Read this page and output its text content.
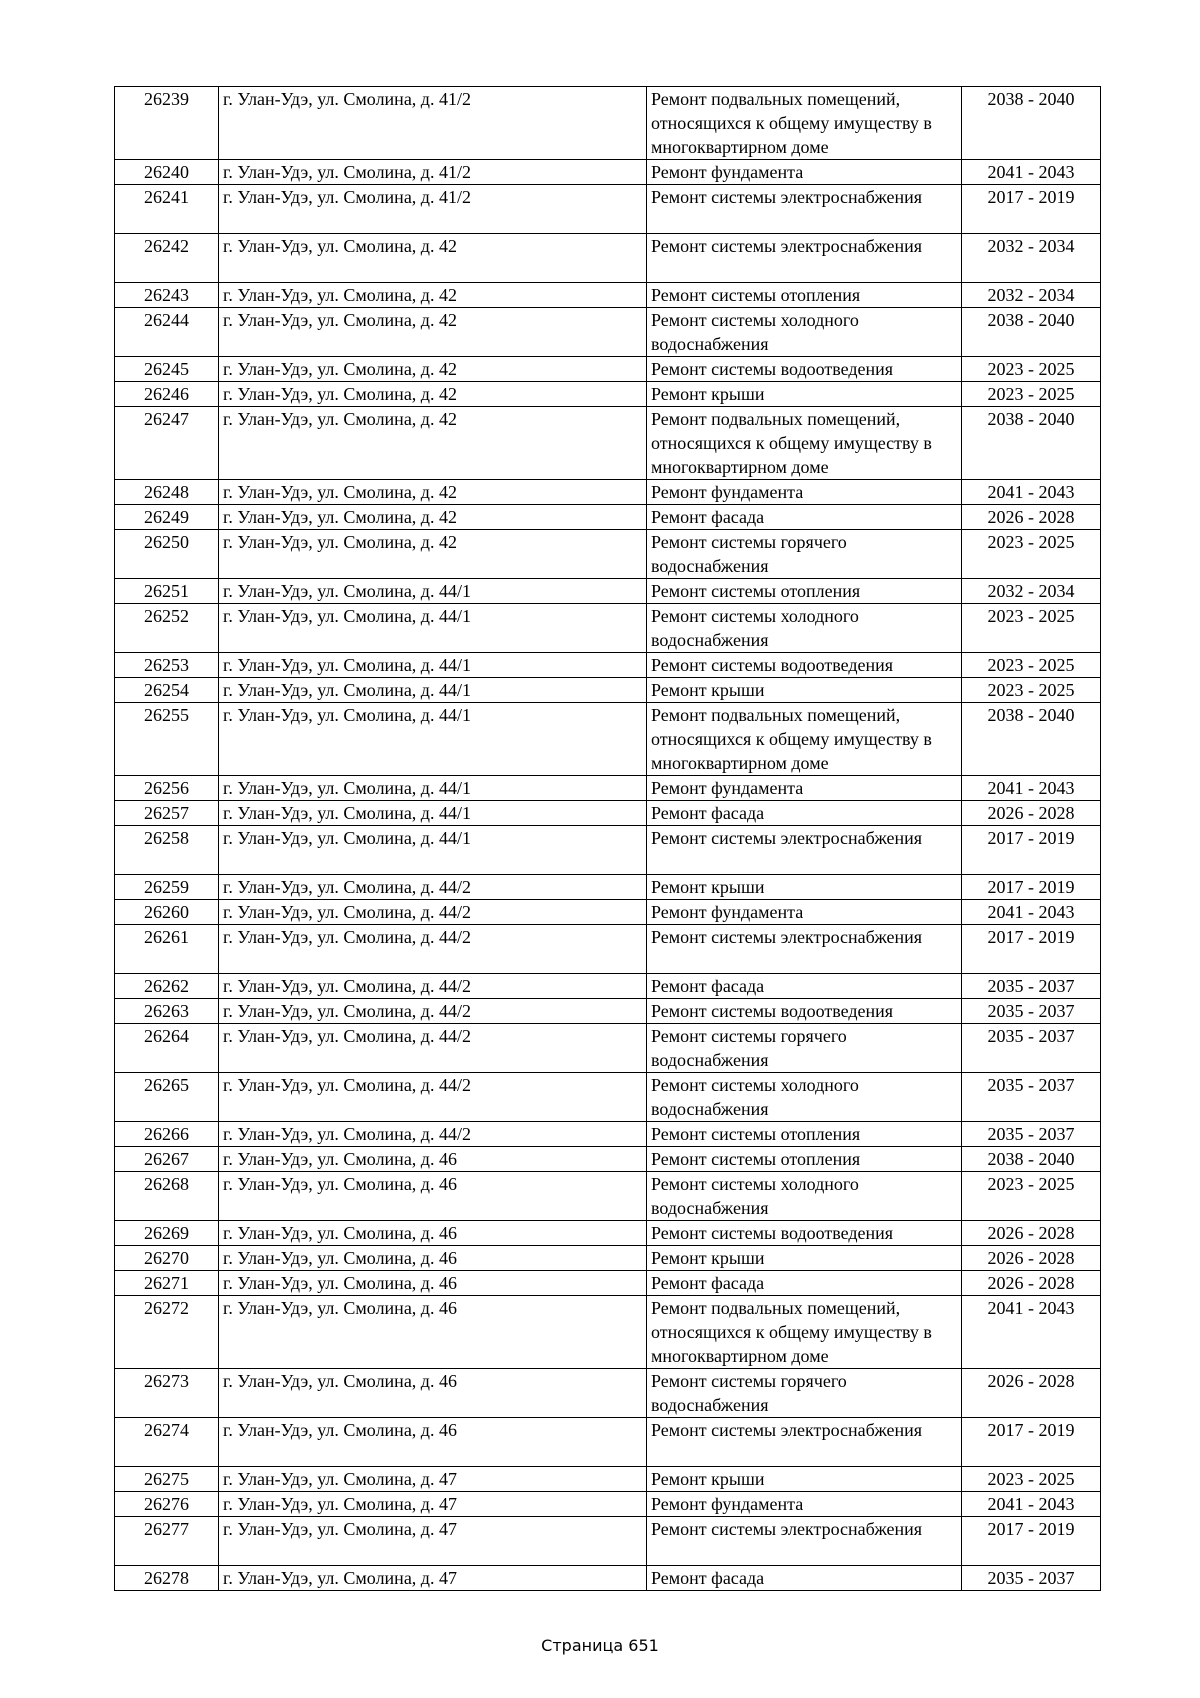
26239	г. Улан-Удэ, ул. Смолина, д. 41/2	Ремонт подвальных помещений, относящихся к общему имуществу в многоквартирном доме	2038 - 2040
26240	г. Улан-Удэ, ул. Смолина, д. 41/2	Ремонт фундамента	2041 - 2043
26241	г. Улан-Удэ, ул. Смолина, д. 41/2	Ремонт системы электроснабжения	2017 - 2019
26242	г. Улан-Удэ, ул. Смолина, д. 42	Ремонт системы электроснабжения	2032 - 2034
26243	г. Улан-Удэ, ул. Смолина, д. 42	Ремонт системы отопления	2032 - 2034
26244	г. Улан-Удэ, ул. Смолина, д. 42	Ремонт системы холодного водоснабжения	2038 - 2040
26245	г. Улан-Удэ, ул. Смолина, д. 42	Ремонт системы водоотведения	2023 - 2025
26246	г. Улан-Удэ, ул. Смолина, д. 42	Ремонт крыши	2023 - 2025
26247	г. Улан-Удэ, ул. Смолина, д. 42	Ремонт подвальных помещений, относящихся к общему имуществу в многоквартирном доме	2038 - 2040
26248	г. Улан-Удэ, ул. Смолина, д. 42	Ремонт фундамента	2041 - 2043
26249	г. Улан-Удэ, ул. Смолина, д. 42	Ремонт фасада	2026 - 2028
26250	г. Улан-Удэ, ул. Смолина, д. 42	Ремонт системы горячего водоснабжения	2023 - 2025
26251	г. Улан-Удэ, ул. Смолина, д. 44/1	Ремонт системы отопления	2032 - 2034
26252	г. Улан-Удэ, ул. Смолина, д. 44/1	Ремонт системы холодного водоснабжения	2023 - 2025
26253	г. Улан-Удэ, ул. Смолина, д. 44/1	Ремонт системы водоотведения	2023 - 2025
26254	г. Улан-Удэ, ул. Смолина, д. 44/1	Ремонт крыши	2023 - 2025
26255	г. Улан-Удэ, ул. Смолина, д. 44/1	Ремонт подвальных помещений, относящихся к общему имуществу в многоквартирном доме	2038 - 2040
26256	г. Улан-Удэ, ул. Смолина, д. 44/1	Ремонт фундамента	2041 - 2043
26257	г. Улан-Удэ, ул. Смолина, д. 44/1	Ремонт фасада	2026 - 2028
26258	г. Улан-Удэ, ул. Смолина, д. 44/1	Ремонт системы электроснабжения	2017 - 2019
26259	г. Улан-Удэ, ул. Смолина, д. 44/2	Ремонт крыши	2017 - 2019
26260	г. Улан-Удэ, ул. Смолина, д. 44/2	Ремонт фундамента	2041 - 2043
26261	г. Улан-Удэ, ул. Смолина, д. 44/2	Ремонт системы электроснабжения	2017 - 2019
26262	г. Улан-Удэ, ул. Смолина, д. 44/2	Ремонт фасада	2035 - 2037
26263	г. Улан-Удэ, ул. Смолина, д. 44/2	Ремонт системы водоотведения	2035 - 2037
26264	г. Улан-Удэ, ул. Смолина, д. 44/2	Ремонт системы горячего водоснабжения	2035 - 2037
26265	г. Улан-Удэ, ул. Смолина, д. 44/2	Ремонт системы холодного водоснабжения	2035 - 2037
26266	г. Улан-Удэ, ул. Смолина, д. 44/2	Ремонт системы отопления	2035 - 2037
26267	г. Улан-Удэ, ул. Смолина, д. 46	Ремонт системы отопления	2038 - 2040
26268	г. Улан-Удэ, ул. Смолина, д. 46	Ремонт системы холодного водоснабжения	2023 - 2025
26269	г. Улан-Удэ, ул. Смолина, д. 46	Ремонт системы водоотведения	2026 - 2028
26270	г. Улан-Удэ, ул. Смолина, д. 46	Ремонт крыши	2026 - 2028
26271	г. Улан-Удэ, ул. Смолина, д. 46	Ремонт фасада	2026 - 2028
26272	г. Улан-Удэ, ул. Смолина, д. 46	Ремонт подвальных помещений, относящихся к общему имуществу в многоквартирном доме	2041 - 2043
26273	г. Улан-Удэ, ул. Смолина, д. 46	Ремонт системы горячего водоснабжения	2026 - 2028
26274	г. Улан-Удэ, ул. Смолина, д. 46	Ремонт системы электроснабжения	2017 - 2019
26275	г. Улан-Удэ, ул. Смолина, д. 47	Ремонт крыши	2023 - 2025
26276	г. Улан-Удэ, ул. Смолина, д. 47	Ремонт фундамента	2041 - 2043
26277	г. Улан-Удэ, ул. Смолина, д. 47	Ремонт системы электроснабжения	2017 - 2019
26278	г. Улан-Удэ, ул. Смолина, д. 47	Ремонт фасада	2035 - 2037
Страница 651
